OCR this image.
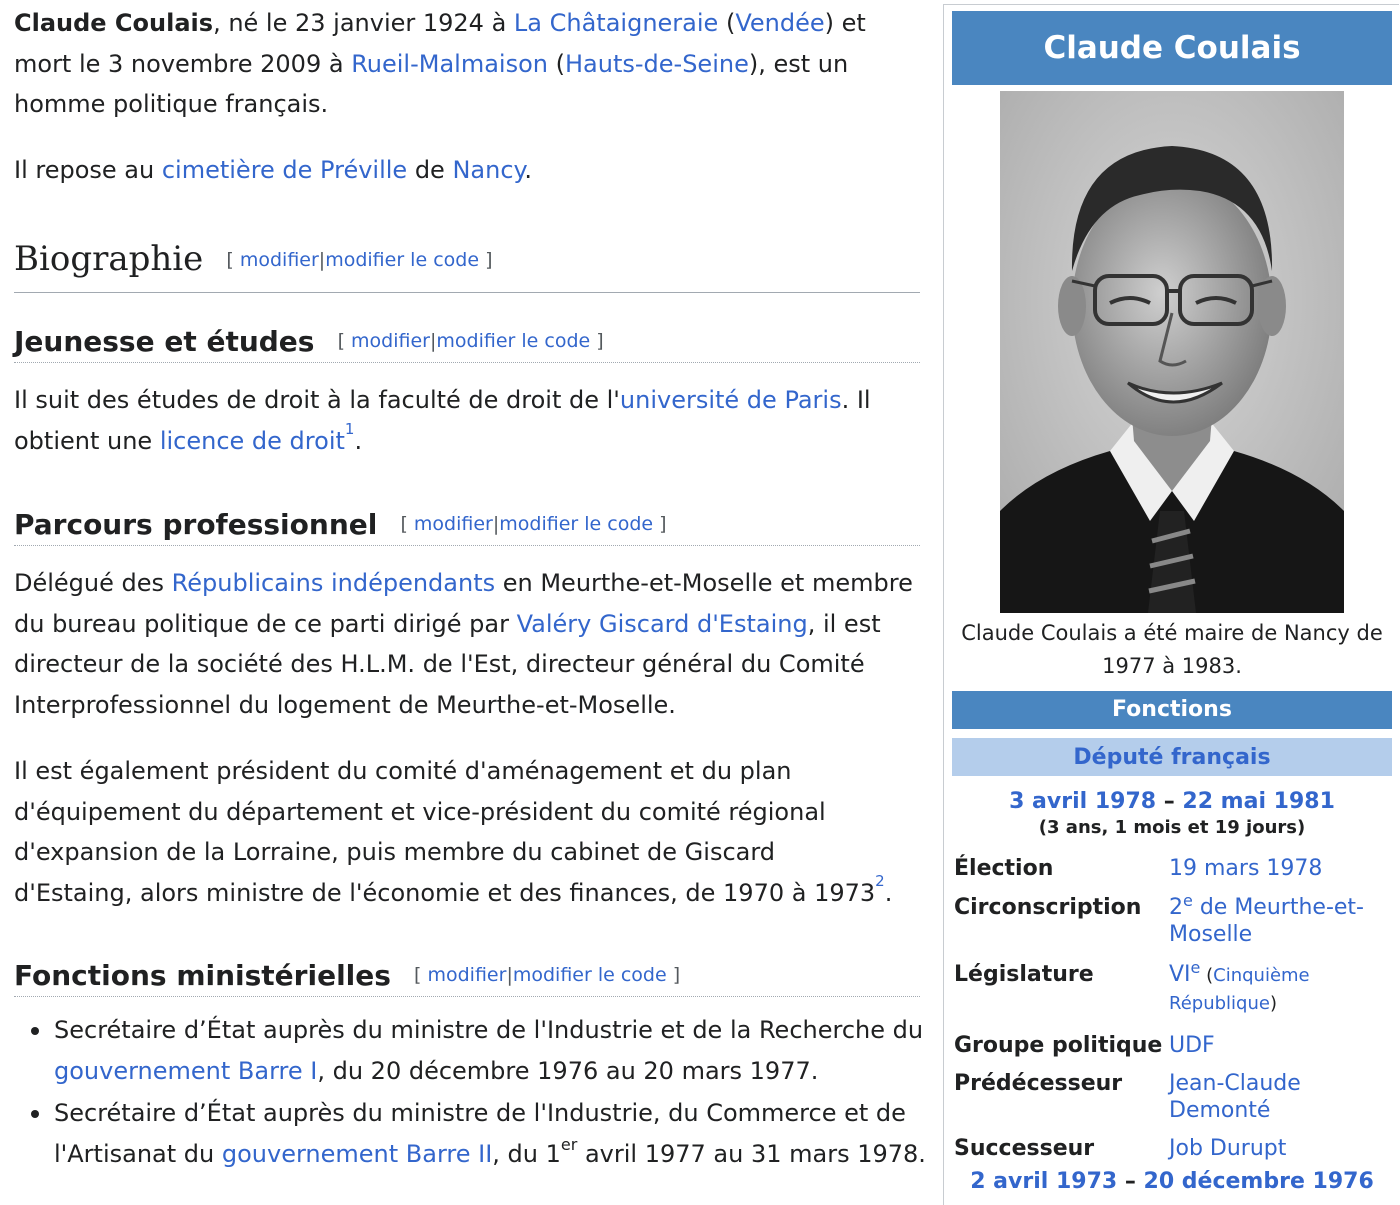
Claude Coulais, né le 23 janvier 1924 à La Châtaigneraie (Vendée) et mort le 3 novembre 2009 à Rueil-Malmaison (Hauts-de-Seine), est un homme politique français.

Il repose au cimetière de Préville de Nancy.

Biographie [ modifier|modifier le code ]
Jeunesse et études [ modifier|modifier le code ]

Il suit des études de droit à la faculté de droit de l'université de Paris. Il obtient une licence de droit$^1$.

Parcours professionnel [ modifier|modifier le code ]

Délégué des Républicains indépendants en Meurthe-et-Moselle et membre du bureau politique de ce parti dirigé par Valéry Giscard d'Estaing, il est directeur de la société des H.L.M. de l'Est, directeur général du Comité Interprofessionnel du logement de Meurthe-et-Moselle.

Il est également président du comité d'aménagement et du plan d'équipement du département et vice-président du comité régional d'expansion de la Lorraine, puis membre du cabinet de Giscard d'Estaing, alors ministre de l'économie et des finances, de 1970 à 1973$^2$.

Fonctions ministérielles [ modifier|modifier le code ]
Secrétaire d’État auprès du ministre de l'Industrie et de la Recherche du gouvernement Barre I, du 20 décembre 1976 au 20 mars 1977.
Secrétaire d’État auprès du ministre de l'Industrie, du Commerce et de l'Artisanat du gouvernement Barre II, du 1er avril 1977 au 31 mars 1978.
Claude Coulais
Claude Coulais a été maire de Nancy de 1977 à 1983.
Fonctions
Député français
3 avril 1978 – 22 mai 1981
(3 ans, 1 mois et 19 jours)
Élection	19 mars 1978
Circonscription	2e de Meurthe-et-Moselle
Législature	VIe (Cinquième République)
Groupe politique UDF
Prédécesseur	Jean-Claude Demonté
Successeur	Job Durupt
2 avril 1973 – 20 décembre 1976
